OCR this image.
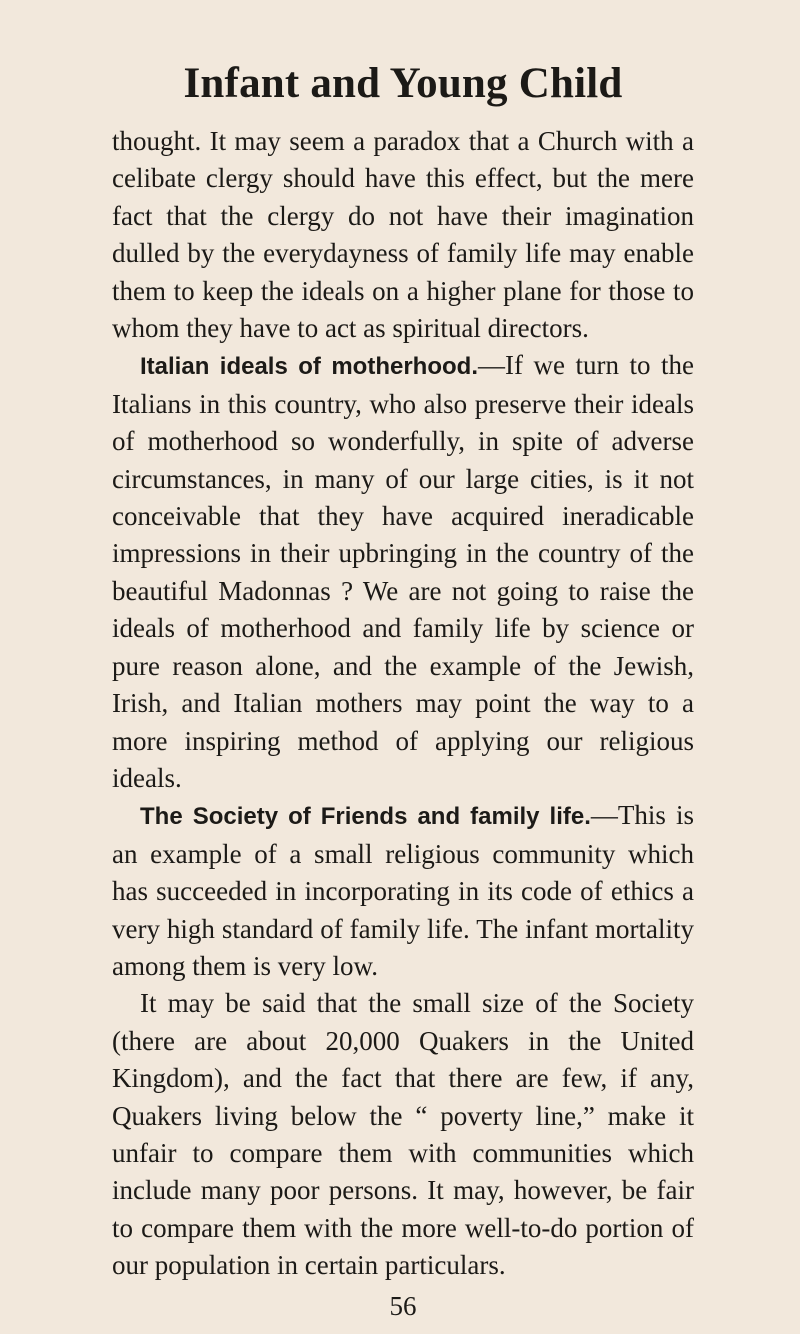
Infant and Young Child

thought. It may seem a paradox that a Church with a celibate clergy should have this effect, but the mere fact that the clergy do not have their imagination dulled by the everydayness of family life may enable them to keep the ideals on a higher plane for those to whom they have to act as spiritual directors.

Italian ideals of motherhood.—If we turn to the Italians in this country, who also preserve their ideals of motherhood so wonderfully, in spite of adverse circumstances, in many of our large cities, is it not conceivable that they have acquired ineradicable impressions in their upbringing in the country of the beautiful Madonnas ? We are not going to raise the ideals of motherhood and family life by science or pure reason alone, and the example of the Jewish, Irish, and Italian mothers may point the way to a more inspiring method of applying our religious ideals.

The Society of Friends and family life.—This is an example of a small religious community which has succeeded in incorporating in its code of ethics a very high standard of family life. The infant mortality among them is very low.

It may be said that the small size of the Society (there are about 20,000 Quakers in the United Kingdom), and the fact that there are few, if any, Quakers living below the “ poverty line,” make it unfair to compare them with communities which include many poor persons. It may, however, be fair to compare them with the more well-to-do portion of our population in certain particulars.

56
